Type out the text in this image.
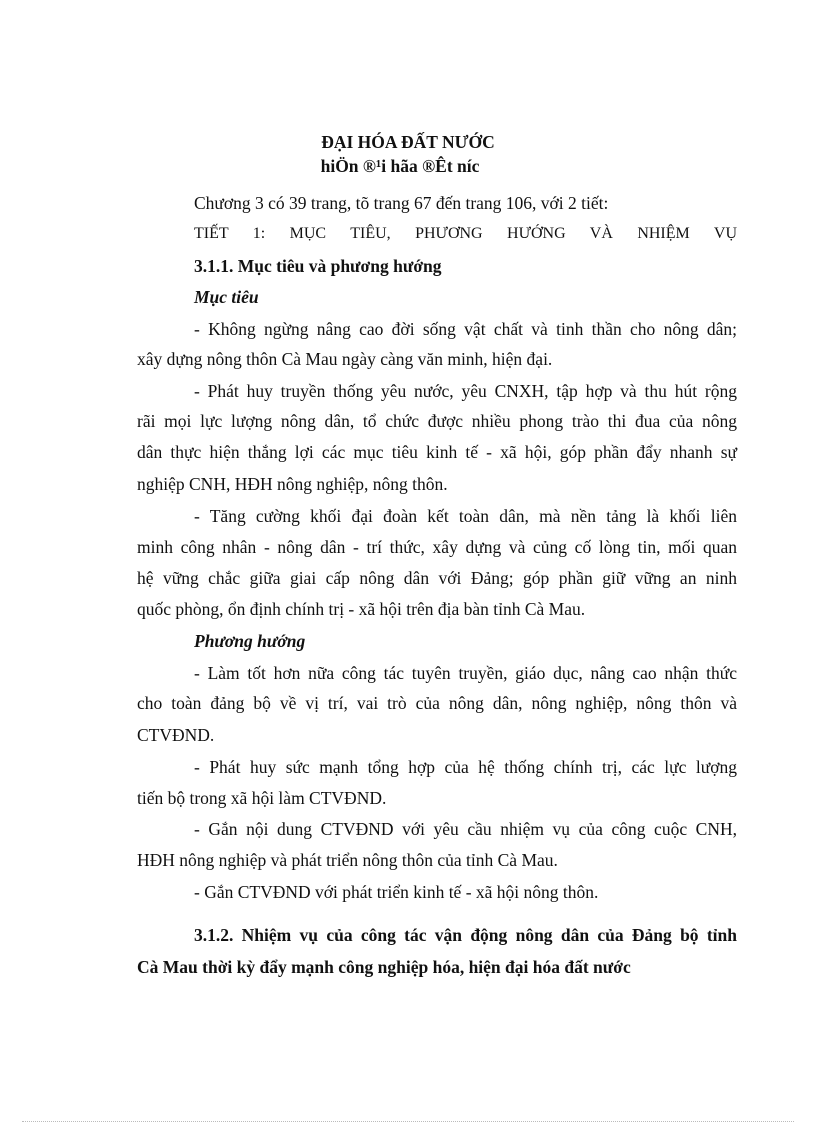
ĐẠI HÓA ĐẤT NƯỚC
hiÖn ®¹i hãa ®Êt níc
Chương 3 có 39 trang, tõ trang 67 đến trang 106, với 2 tiết:
TIẾT 1: MỤC TIÊU, PHƯƠNG HƯỚNG VÀ NHIỆM VỤ
3.1.1. Mục tiêu và phương hướng
Mục tiêu
- Không ngừng nâng cao đời sống vật chất và tinh thần cho nông dân;
xây dựng nông thôn Cà Mau ngày càng văn minh, hiện đại.
- Phát huy truyền thống yêu nước, yêu CNXH, tập hợp và thu hút rộng
rãi mọi lực lượng nông dân, tổ chức được nhiều phong trào thi đua của nông
dân thực hiện thắng lợi các mục tiêu kinh tế - xã hội, góp phần đẩy nhanh sự
nghiệp CNH, HĐH nông nghiệp, nông thôn.
- Tăng cường khối đại đoàn kết toàn dân, mà nền tảng là khối liên
minh công nhân - nông dân - trí thức, xây dựng và củng cố lòng tin, mối quan
hệ vững chắc giữa giai cấp nông dân với Đảng; góp phần giữ vững an ninh
quốc phòng, ổn định chính trị - xã hội trên địa bàn tỉnh Cà Mau.
Phương hướng
- Làm tốt hơn nữa công tác tuyên truyền, giáo dục, nâng cao nhận thức
cho toàn đảng bộ về vị trí, vai trò của nông dân, nông nghiệp, nông thôn và
CTVĐND.
- Phát huy sức mạnh tổng hợp của hệ thống chính trị, các lực lượng
tiến bộ trong xã hội làm CTVĐND.
- Gắn nội dung CTVĐND với yêu cầu nhiệm vụ của công cuộc CNH,
HĐH nông nghiệp và phát triển nông thôn của tỉnh Cà Mau.
- Gắn CTVĐND với phát triển kinh tế - xã hội nông thôn.
3.1.2. Nhiệm vụ của công tác vận động nông dân của Đảng bộ tỉnh
Cà Mau thời kỳ đẩy mạnh công nghiệp hóa, hiện đại hóa đất nước
